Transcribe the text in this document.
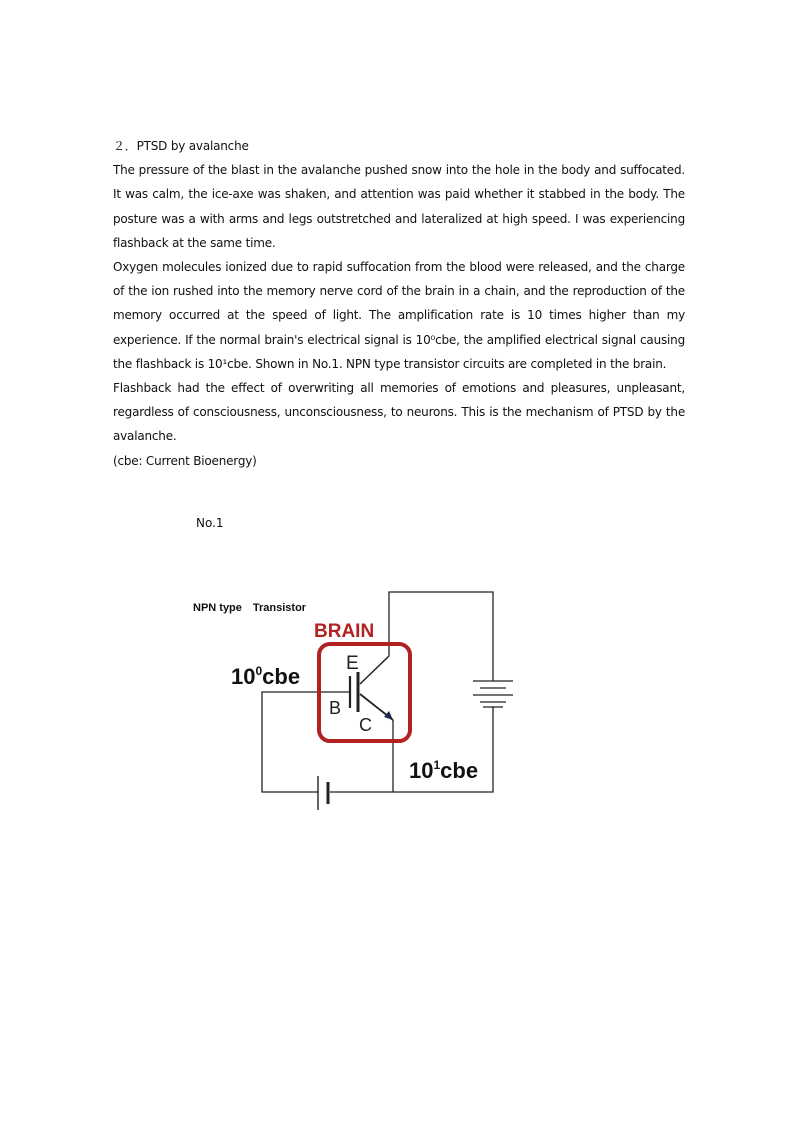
２．PTSD by avalanche

The pressure of the blast in the avalanche pushed snow into the hole in the body and suffocated. It was calm, the ice-axe was shaken, and attention was paid whether it stabbed in the body. The posture was a with arms and legs outstretched and lateralized at high speed. I was experiencing flashback at the same time.

Oxygen molecules ionized due to rapid suffocation from the blood were released, and the charge of the ion rushed into the memory nerve cord of the brain in a chain, and the reproduction of the memory occurred at the speed of light. The amplification rate is 10 times higher than my experience. If the normal brain's electrical signal is 10⁰cbe, the amplified electrical signal causing the flashback is 10¹cbe. Shown in No.1. NPN type transistor circuits are completed in the brain.

Flashback had the effect of overwriting all memories of emotions and pleasures, unpleasant, regardless of consciousness, unconsciousness, to neurons. This is the mechanism of PTSD by the avalanche.

(cbe: Current Bioenergy)

No.1
NPN type　Transistor
BRAIN
E
B
C
$10^0cbe$
$10^1cbe$
